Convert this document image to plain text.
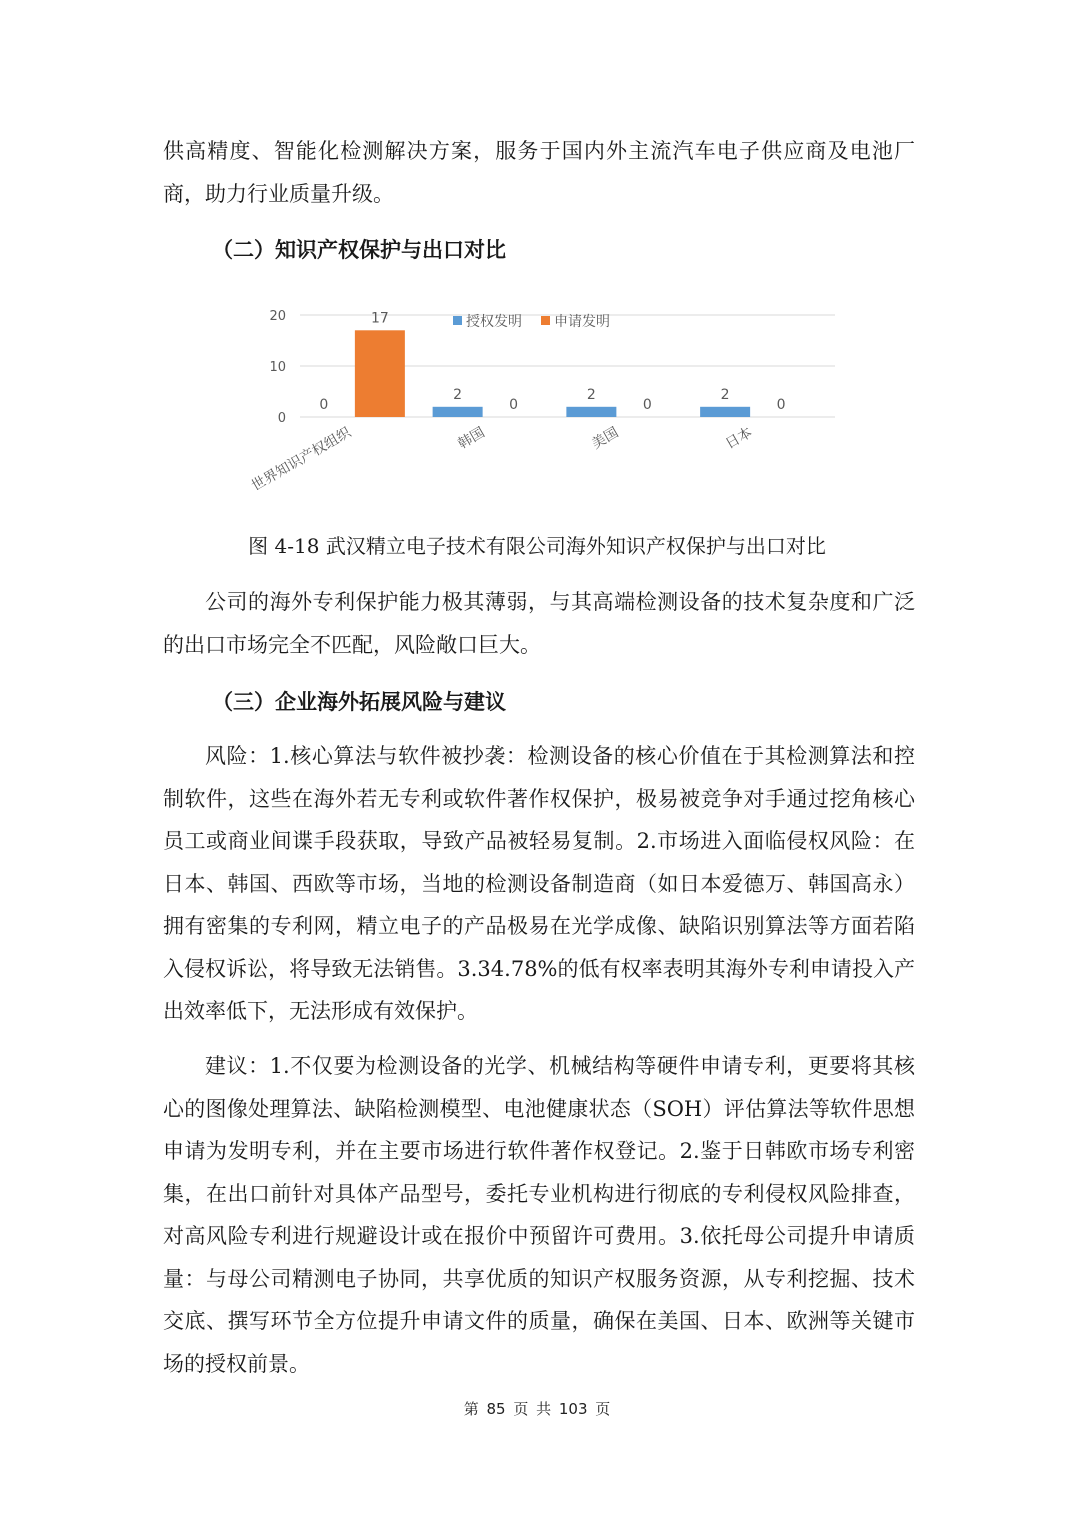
供高精度、智能化检测解决方案，服务于国内外主流汽车电子供应商及电池厂商，助力行业质量升级。

（二）知识产权保护与出口对比

0
10
20
0
17
2
0
2
0
2
0
世界知识产权组织	韩国	美国	日本
授权发明 申请发明

图 4-18 武汉精立电子技术有限公司海外知识产权保护与出口对比

公司的海外专利保护能力极其薄弱，与其高端检测设备的技术复杂度和广泛的出口市场完全不匹配，风险敞口巨大。

（三）企业海外拓展风险与建议

风险：1.核心算法与软件被抄袭：检测设备的核心价值在于其检测算法和控制软件，这些在海外若无专利或软件著作权保护，极易被竞争对手通过挖角核心员工或商业间谍手段获取，导致产品被轻易复制。2.市场进入面临侵权风险：在日本、韩国、西欧等市场，当地的检测设备制造商（如日本爱德万、韩国高永）拥有密集的专利网，精立电子的产品极易在光学成像、缺陷识别算法等方面若陷入侵权诉讼，将导致无法销售。3.34.78%的低有权率表明其海外专利申请投入产出效率低下，无法形成有效保护。

建议：1.不仅要为检测设备的光学、机械结构等硬件申请专利，更要将其核心的图像处理算法、缺陷检测模型、电池健康状态（SOH）评估算法等软件思想申请为发明专利，并在主要市场进行软件著作权登记。2.鉴于日韩欧市场专利密集，在出口前针对具体产品型号，委托专业机构进行彻底的专利侵权风险排查，对高风险专利进行规避设计或在报价中预留许可费用。3.依托母公司提升申请质量：与母公司精测电子协同，共享优质的知识产权服务资源，从专利挖掘、技术交底、撰写环节全方位提升申请文件的质量，确保在美国、日本、欧洲等关键市场的授权前景。

第 85 页 共 103 页
